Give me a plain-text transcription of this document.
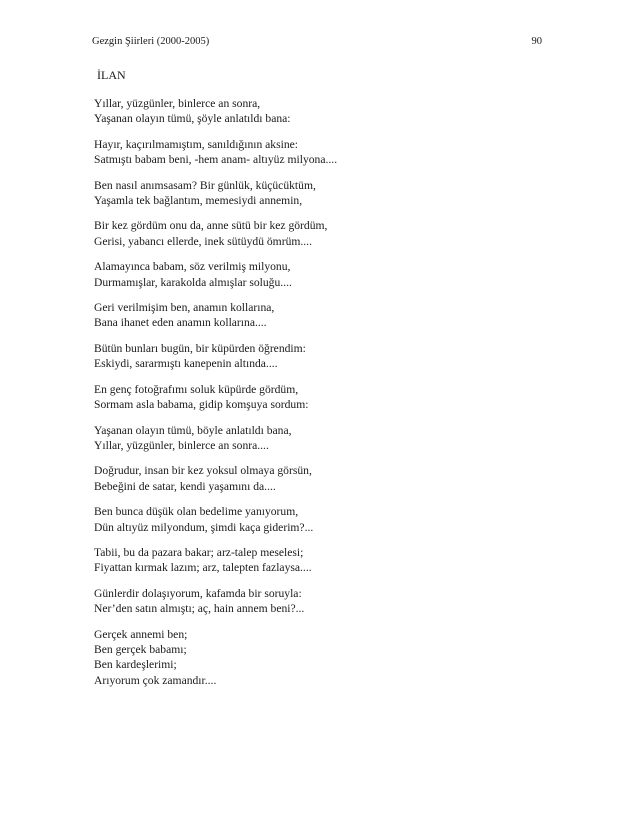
Gezgin Şiirleri (2000-2005)	90
İLAN
Yıllar, yüzgünler, binlerce an sonra,
Yaşanan olayın tümü, şöyle anlatıldı bana:
Hayır, kaçırılmamıştım, sanıldığının aksine:
Satmıştı babam beni, -hem anam- altıyüz milyona....
Ben nasıl anımsasam? Bir günlük, küçücüktüm,
Yaşamla tek bağlantım, memesiydi annemin,
Bir kez gördüm onu da, anne sütü bir kez gördüm,
Gerisi, yabancı ellerde, inek sütüydü ömrüm....
Alamayınca babam, söz verilmiş milyonu,
Durmamışlar, karakolda almışlar soluğu....
Geri verilmişim ben, anamın kollarına,
Bana ihanet eden anamın kollarına....
Bütün bunları bugün, bir küpürden öğrendim:
Eskiydi, sararmıştı kanepenin altında....
En genç fotoğrafımı soluk küpürde gördüm,
Sormam asla babama, gidip komşuya sordum:
Yaşanan olayın tümü, böyle anlatıldı bana,
Yıllar, yüzgünler, binlerce an sonra....
Doğrudur, insan bir kez yoksul olmaya görsün,
Bebeğini de satar, kendi yaşamını da....
Ben bunca düşük olan bedelime yanıyorum,
Dün altıyüz milyondum, şimdi kaça giderim?...
Tabii, bu da pazara bakar; arz-talep meselesi;
Fiyattan kırmak lazım; arz, talepten fazlaysa....
Günlerdir dolaşıyorum, kafamda bir soruyla:
Ner’den satın almıştı; aç, hain annem beni?...
Gerçek annemi ben;
Ben gerçek babamı;
Ben kardeşlerimi;
Arıyorum çok zamandır....
